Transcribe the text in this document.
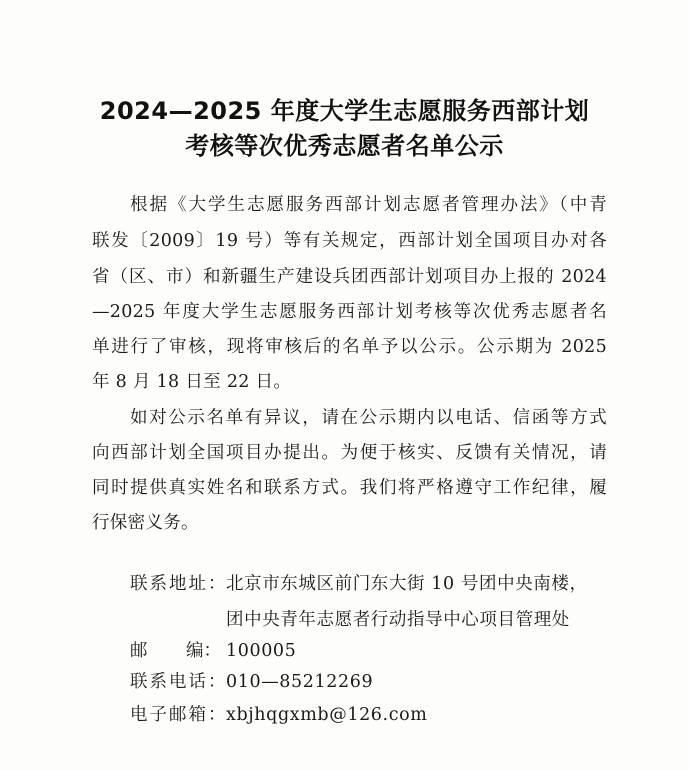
2024—2025 年度大学生志愿服务西部计划
考核等次优秀志愿者名单公示
根据《大学生志愿服务西部计划志愿者管理办法》（中青
联发〔2009〕19 号）等有关规定，西部计划全国项目办对各
省（区、市）和新疆生产建设兵团西部计划项目办上报的 2024
—2025 年度大学生志愿服务西部计划考核等次优秀志愿者名
单进行了审核，现将审核后的名单予以公示。公示期为 2025
年 8 月 18 日至 22 日。
如对公示名单有异议，请在公示期内以电话、信函等方式
向西部计划全国项目办提出。为便于核实、反馈有关情况，请
同时提供真实姓名和联系方式。我们将严格遵守工作纪律，履
行保密义务。
联系地址：
北京市东城区前门东大街 10 号团中央南楼，
团中央青年志愿者行动指导中心项目管理处
邮 编： 100005
联系电话：
010—85212269
电子邮箱：
xbjhqgxmb@126.com
